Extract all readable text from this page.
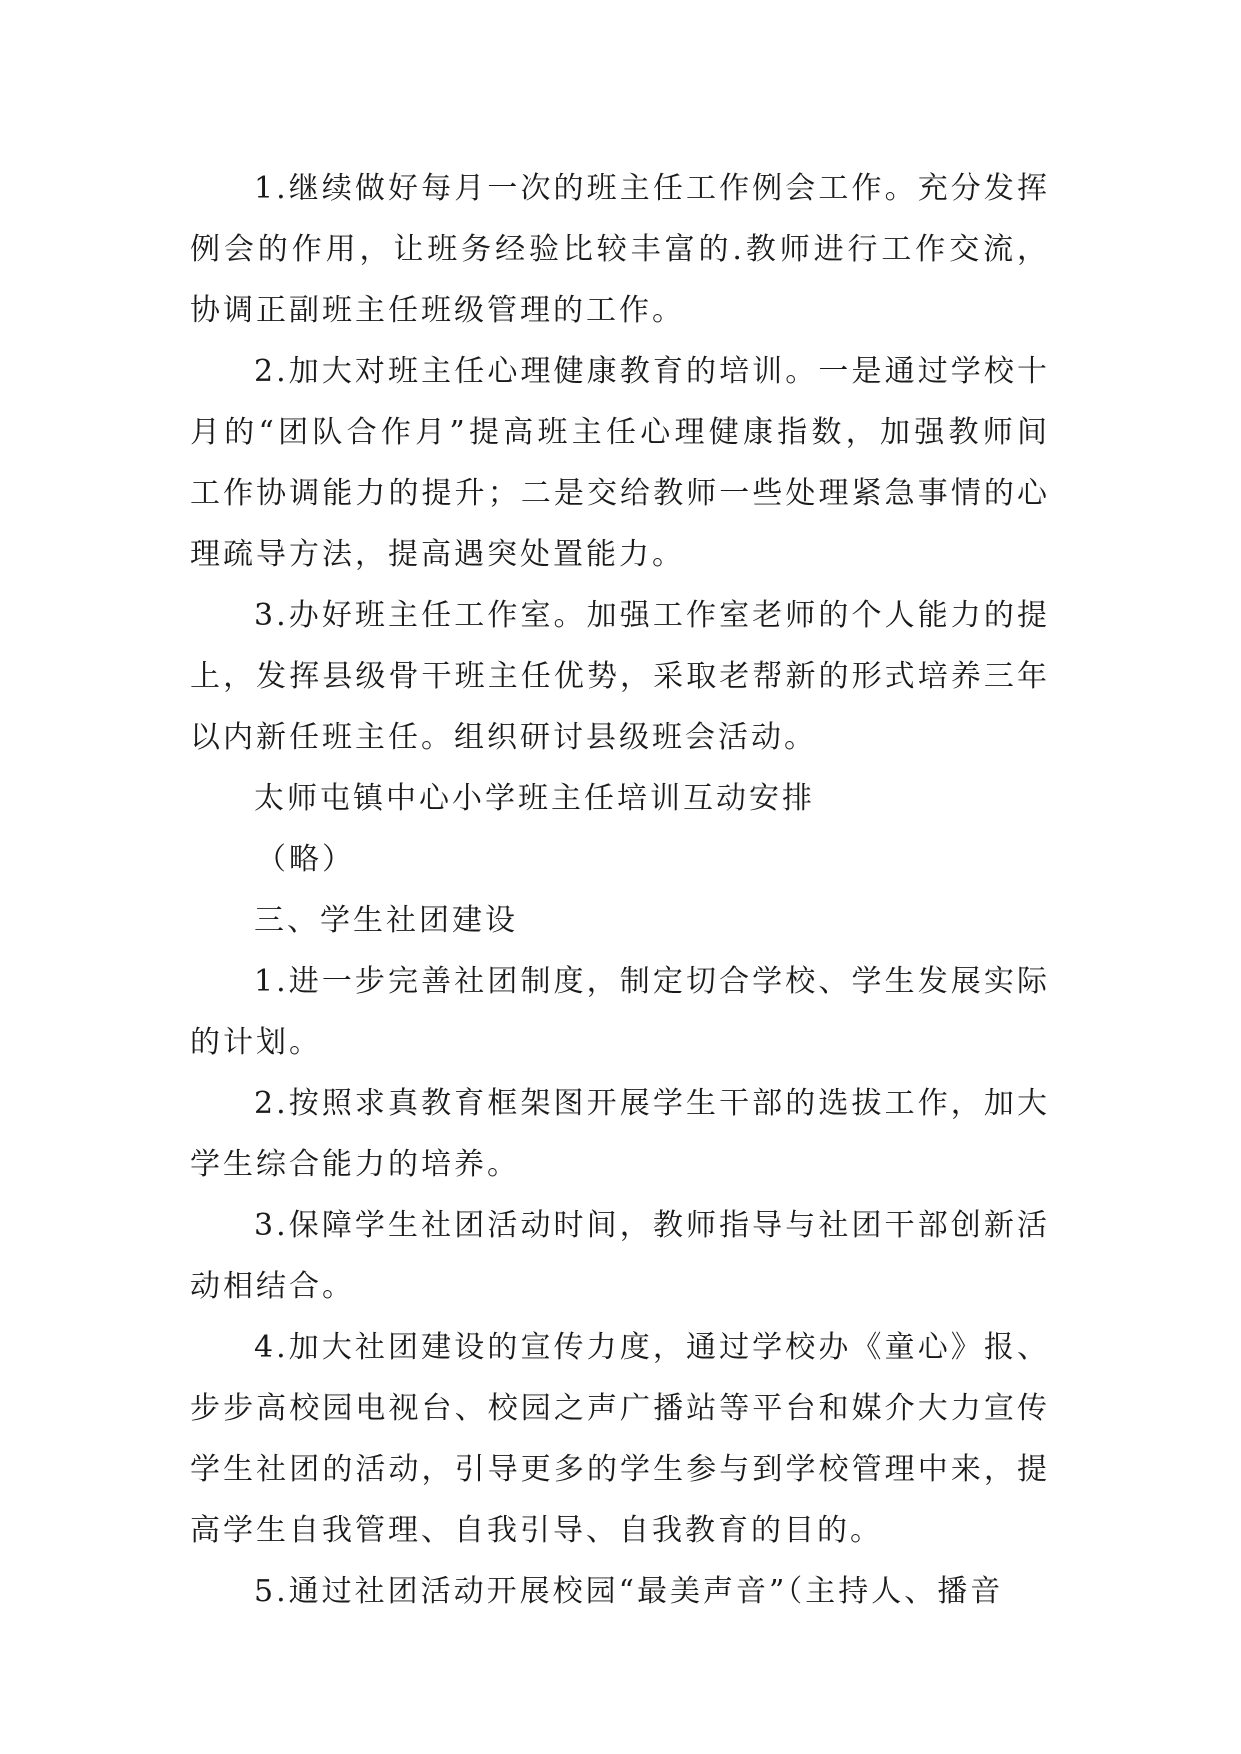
1.继续做好每月一次的班主任工作例会工作。充分发挥例会的作用，让班务经验比较丰富的.教师进行工作交流，协调正副班主任班级管理的工作。

2.加大对班主任心理健康教育的培训。一是通过学校十月的“团队合作月”提高班主任心理健康指数，加强教师间工作协调能力的提升；二是交给教师一些处理紧急事情的心理疏导方法，提高遇突处置能力。

3.办好班主任工作室。加强工作室老师的个人能力的提上，发挥县级骨干班主任优势，采取老帮新的形式培养三年以内新任班主任。组织研讨县级班会活动。

太师屯镇中心小学班主任培训互动安排

（略）

三、学生社团建设

1.进一步完善社团制度，制定切合学校、学生发展实际的计划。

2.按照求真教育框架图开展学生干部的选拔工作，加大学生综合能力的培养。

3.保障学生社团活动时间，教师指导与社团干部创新活动相结合。

4.加大社团建设的宣传力度，通过学校办《童心》报、步步高校园电视台、校园之声广播站等平台和媒介大力宣传学生社团的活动，引导更多的学生参与到学校管理中来，提高学生自我管理、自我引导、自我教育的目的。

5.通过社团活动开展校园“最美声音”（主持人、播音
